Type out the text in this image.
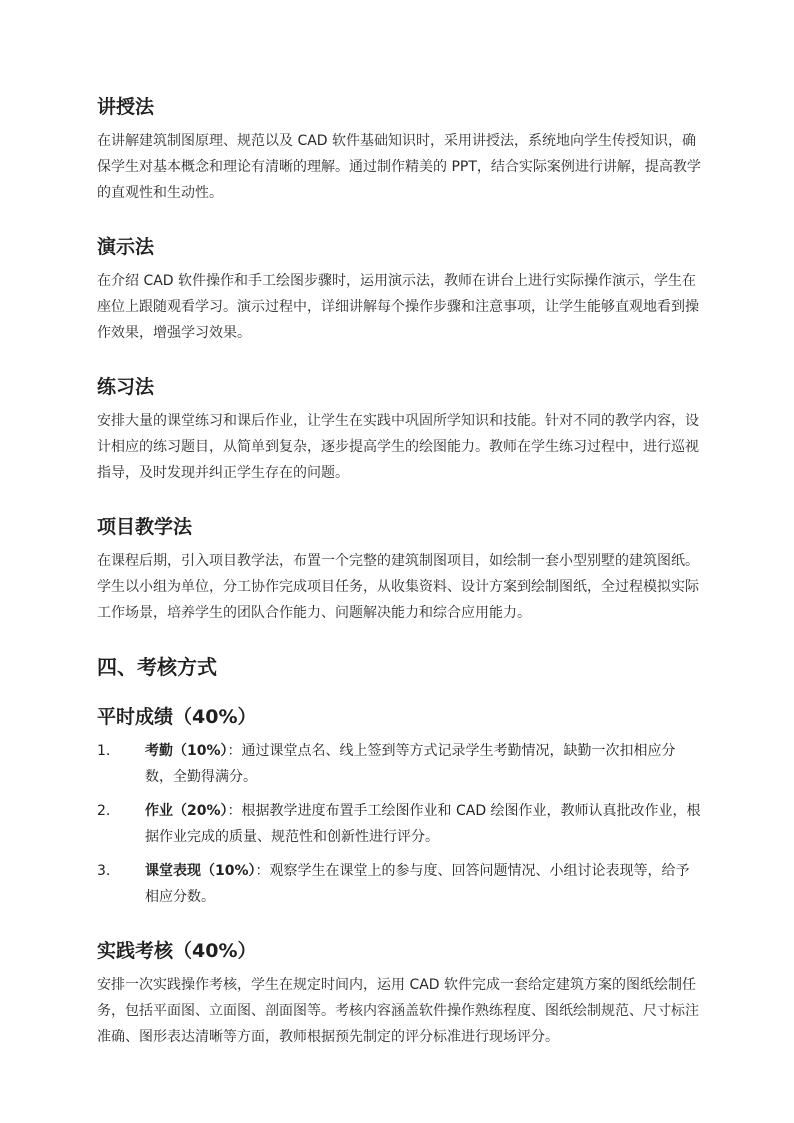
讲授法

在讲解建筑制图原理、规范以及 CAD 软件基础知识时，采用讲授法，系统地向学生传授知识，确保学生对基本概念和理论有清晰的理解。通过制作精美的 PPT，结合实际案例进行讲解，提高教学的直观性和生动性。

演示法

在介绍 CAD 软件操作和手工绘图步骤时，运用演示法，教师在讲台上进行实际操作演示，学生在座位上跟随观看学习。演示过程中，详细讲解每个操作步骤和注意事项，让学生能够直观地看到操作效果，增强学习效果。

练习法

安排大量的课堂练习和课后作业，让学生在实践中巩固所学知识和技能。针对不同的教学内容，设计相应的练习题目，从简单到复杂，逐步提高学生的绘图能力。教师在学生练习过程中，进行巡视指导，及时发现并纠正学生存在的问题。

项目教学法

在课程后期，引入项目教学法，布置一个完整的建筑制图项目，如绘制一套小型别墅的建筑图纸。学生以小组为单位，分工协作完成项目任务，从收集资料、设计方案到绘制图纸，全过程模拟实际工作场景，培养学生的团队合作能力、问题解决能力和综合应用能力。

四、考核方式
平时成绩（40%）
1.	考勤（10%）：通过课堂点名、线上签到等方式记录学生考勤情况，缺勤一次扣相应分数，全勤得满分。
2.	作业（20%）：根据教学进度布置手工绘图作业和 CAD 绘图作业，教师认真批改作业，根据作业完成的质量、规范性和创新性进行评分。
3.	课堂表现（10%）：观察学生在课堂上的参与度、回答问题情况、小组讨论表现等，给予相应分数。
实践考核（40%）

安排一次实践操作考核，学生在规定时间内，运用 CAD 软件完成一套给定建筑方案的图纸绘制任务，包括平面图、立面图、剖面图等。考核内容涵盖软件操作熟练程度、图纸绘制规范、尺寸标注准确、图形表达清晰等方面，教师根据预先制定的评分标准进行现场评分。
